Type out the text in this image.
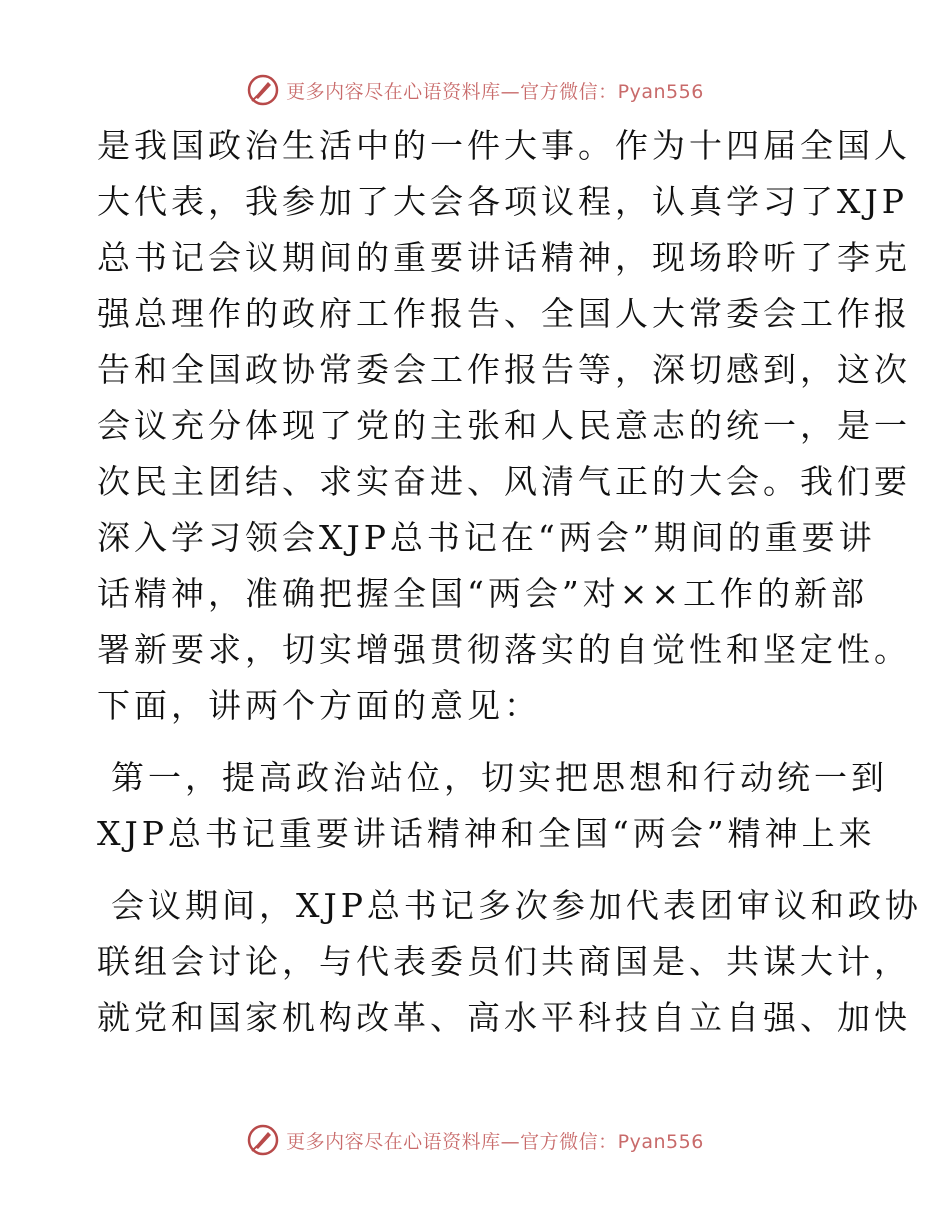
更多内容尽在心语资料库—官方微信：Pyan556
是我国政治生活中的一件大事。作为十四届全国人
大代表，我参加了大会各项议程，认真学习了XJP
总书记会议期间的重要讲话精神，现场聆听了李克
强总理作的政府工作报告、全国人大常委会工作报
告和全国政协常委会工作报告等，深切感到，这次
会议充分体现了党的主张和人民意志的统一，是一
次民主团结、求实奋进、风清气正的大会。我们要
深入学习领会XJP总书记在“两会”期间的重要讲
话精神，准确把握全国“两会”对××工作的新部
署新要求，切实增强贯彻落实的自觉性和坚定性。
下面，讲两个方面的意见：
第一，提高政治站位，切实把思想和行动统一到
XJP总书记重要讲话精神和全国“两会”精神上来
会议期间，XJP总书记多次参加代表团审议和政协
联组会讨论，与代表委员们共商国是、共谋大计，
就党和国家机构改革、高水平科技自立自强、加快
更多内容尽在心语资料库—官方微信：Pyan556
